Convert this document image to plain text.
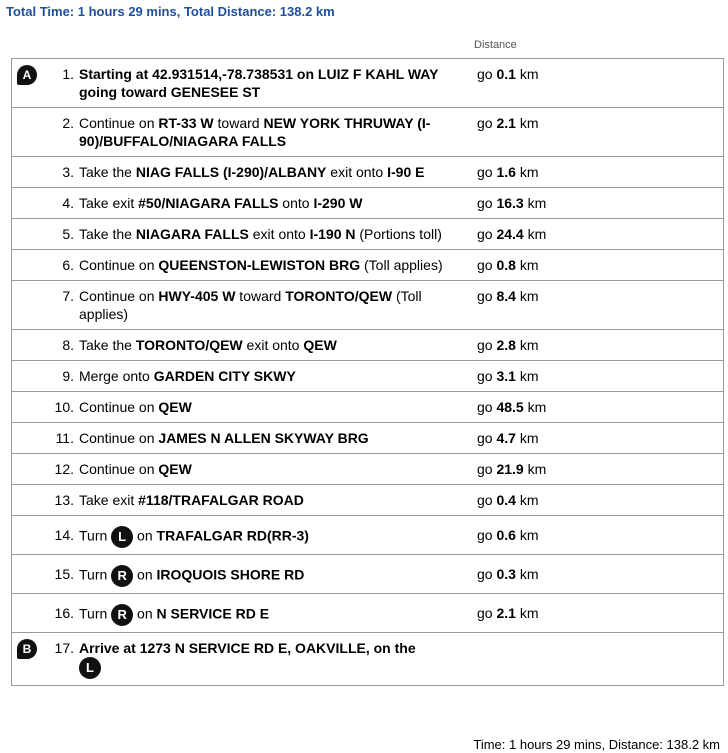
Total Time: 1 hours 29 mins, Total Distance: 138.2 km
Distance
A	1.	Starting at 42.931514,-78.738531 on LUIZ F KAHL WAY going toward GENESEE ST	go 0.1 km
	2.	Continue on RT-33 W toward NEW YORK THRUWAY (I-90)/BUFFALO/NIAGARA FALLS	go 2.1 km
	3.	Take the NIAG FALLS (I-290)/ALBANY exit onto I-90 E	go 1.6 km
	4.	Take exit #50/NIAGARA FALLS onto I-290 W	go 16.3 km
	5.	Take the NIAGARA FALLS exit onto I-190 N (Portions toll)	go 24.4 km
	6.	Continue on QUEENSTON-LEWISTON BRG (Toll applies)	go 0.8 km
	7.	Continue on HWY-405 W toward TORONTO/QEW (Toll applies)	go 8.4 km
	8.	Take the TORONTO/QEW exit onto QEW	go 2.8 km
	9.	Merge onto GARDEN CITY SKWY	go 3.1 km
	10.	Continue on QEW	go 48.5 km
	11.	Continue on JAMES N ALLEN SKYWAY BRG	go 4.7 km
	12.	Continue on QEW	go 21.9 km
	13.	Take exit #118/TRAFALGAR ROAD	go 0.4 km
	14.	Turn L on TRAFALGAR RD(RR-3)	go 0.6 km
	15.	Turn R on IROQUOIS SHORE RD	go 0.3 km
	16.	Turn R on N SERVICE RD E	go 2.1 km
B	17.	Arrive at 1273 N SERVICE RD E, OAKVILLE, on the
L	
Time: 1 hours 29 mins, Distance: 138.2 km
